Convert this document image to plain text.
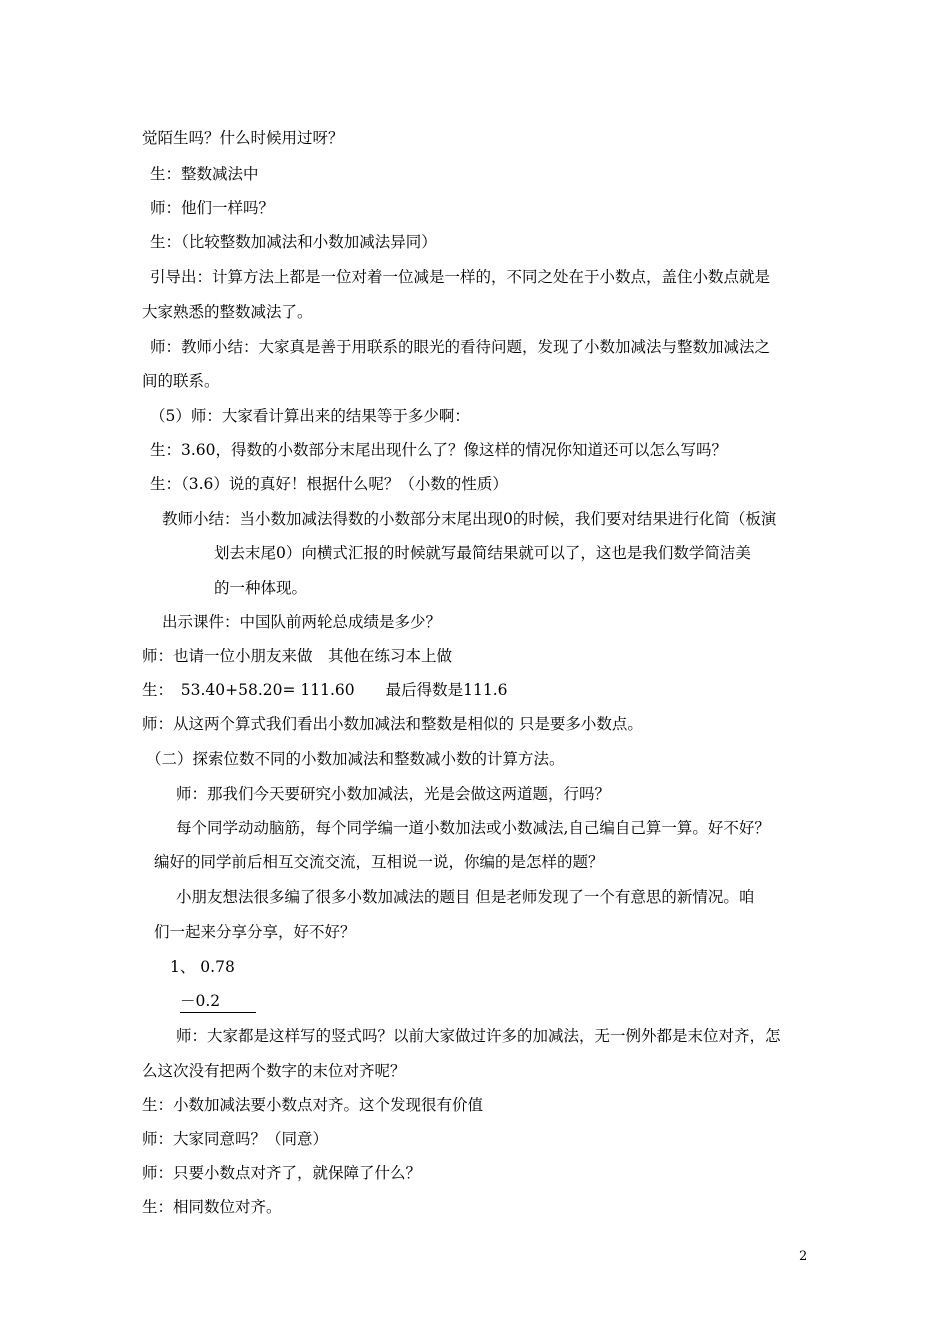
觉陌生吗？什么时候用过呀？
生：整数减法中
师：他们一样吗？
生：（比较整数加减法和小数加减法异同）
引导出：计算方法上都是一位对着一位减是一样的，不同之处在于小数点，盖住小数点就是
大家熟悉的整数减法了。
师：教师小结：大家真是善于用联系的眼光的看待问题，发现了小数加减法与整数加减法之
间的联系。
（5）师：大家看计算出来的结果等于多少啊：
生：3.60，得数的小数部分末尾出现什么了？像这样的情况你知道还可以怎么写吗？
生：（3.6）说的真好！根据什么呢？（小数的性质）
教师小结：当小数加减法得数的小数部分末尾出现0的时候，我们要对结果进行化简（板演
划去末尾0）向横式汇报的时候就写最简结果就可以了，这也是我们数学简洁美
的一种体现。
出示课件：中国队前两轮总成绩是多少？
师：也请一位小朋友来做　其他在练习本上做
生：　53.40+58.20= 111.60　　最后得数是111.6
师：从这两个算式我们看出小数加减法和整数是相似的 只是要多小数点。
（二）探索位数不同的小数加减法和整数减小数的计算方法。
师：那我们今天要研究小数加减法，光是会做这两道题，行吗？
每个同学动动脑筋，每个同学编一道小数加法或小数减法,自己编自己算一算。好不好？
编好的同学前后相互交流交流，互相说一说，你编的是怎样的题？
小朋友想法很多编了很多小数加减法的题目 但是老师发现了一个有意思的新情况。咱
们一起来分享分享，好不好？
1、 0.78
－0.2
师：大家都是这样写的竖式吗？以前大家做过许多的加减法，无一例外都是末位对齐，怎
么这次没有把两个数字的末位对齐呢？
生：小数加减法要小数点对齐。这个发现很有价值
师：大家同意吗？（同意）
师：只要小数点对齐了，就保障了什么？
生：相同数位对齐。
2
